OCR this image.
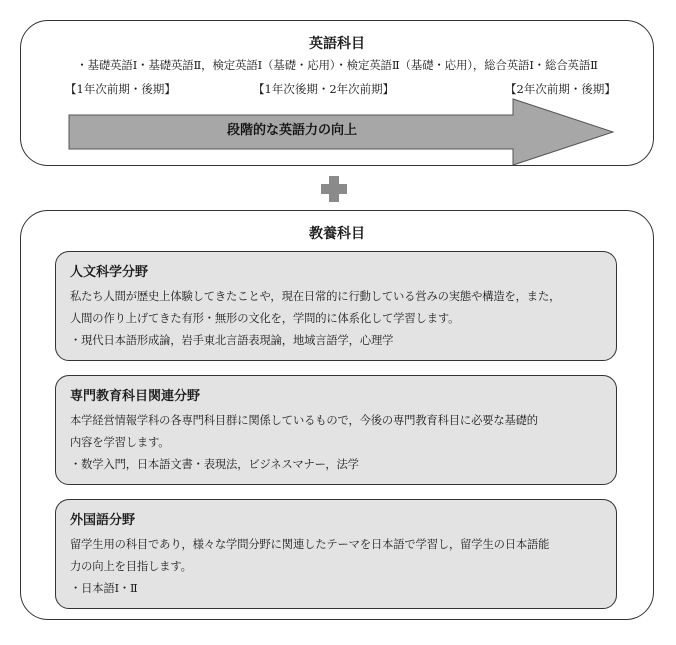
英語科目
・基礎英語Ⅰ・基礎英語Ⅱ，検定英語Ⅰ（基礎・応用）・検定英語Ⅱ（基礎・応用），総合英語Ⅰ・総合英語Ⅱ
【1年次前期・後期】	【1年次後期・2年次前期】	【2年次前期・後期】
段階的な英語力の向上
教養科目
人文科学分野
私たち人間が歴史上体験してきたことや，現在日常的に行動している営みの実態や構造を，また，
人間の作り上げてきた有形・無形の文化を，学問的に体系化して学習します。
・現代日本語形成論，岩手東北言語表現論，地域言語学，心理学
専門教育科目関連分野
本学経営情報学科の各専門科目群に関係しているもので，今後の専門教育科目に必要な基礎的
内容を学習します。
・数学入門，日本語文書・表現法，ビジネスマナー，法学
外国語分野
留学生用の科目であり，様々な学問分野に関連したテーマを日本語で学習し，留学生の日本語能
力の向上を目指します。
・日本語Ⅰ・Ⅱ
